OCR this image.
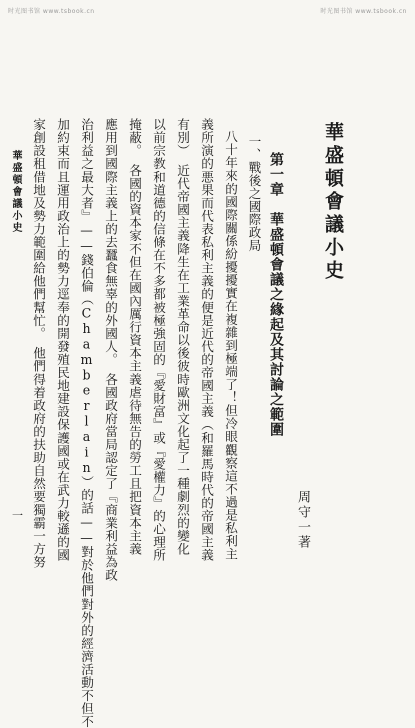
时光图书馆 www.tsbook.cn	时光图书馆 www.tsbook.cn
華盛頓會議小史
周守一著
第一章　華盛頓會議之緣起及其討論之範圍
一、戰後之國際政局
八十年來的國際關係紛擾擾實在複雜到極端了！但冷眼觀察這不過是私利主
義所演的悪果而代表私利主義的便是近代的帝國主義（和羅馬時代的帝國主義
有別）　近代帝國主義降生在工業革命以後彼時歐洲文化起了一種劇烈的變化
以前宗教和道德的信條在不多都被極強固的『愛財富』或『愛權力』的心理所
掩蔽。　各國的資本家不但在國內厲行資本主義虐待無告的勞工且把資本主義
應用到國際主義上的去蠶食無辜的外國人。　各國政府當局認定了『商業利益為政
治利益之最大者』——錢伯倫（Chamberlain）的話——對於他們對外的經濟活動不但不
加約束而且運用政治上的勢力逕奉的開發殖民地建設保護國或在武力較遜的國
家創設租借地及勢力範圍給他們幫忙。　他們得着政府的扶助自然要獨霸一方努
華盛頓會議小史
一
